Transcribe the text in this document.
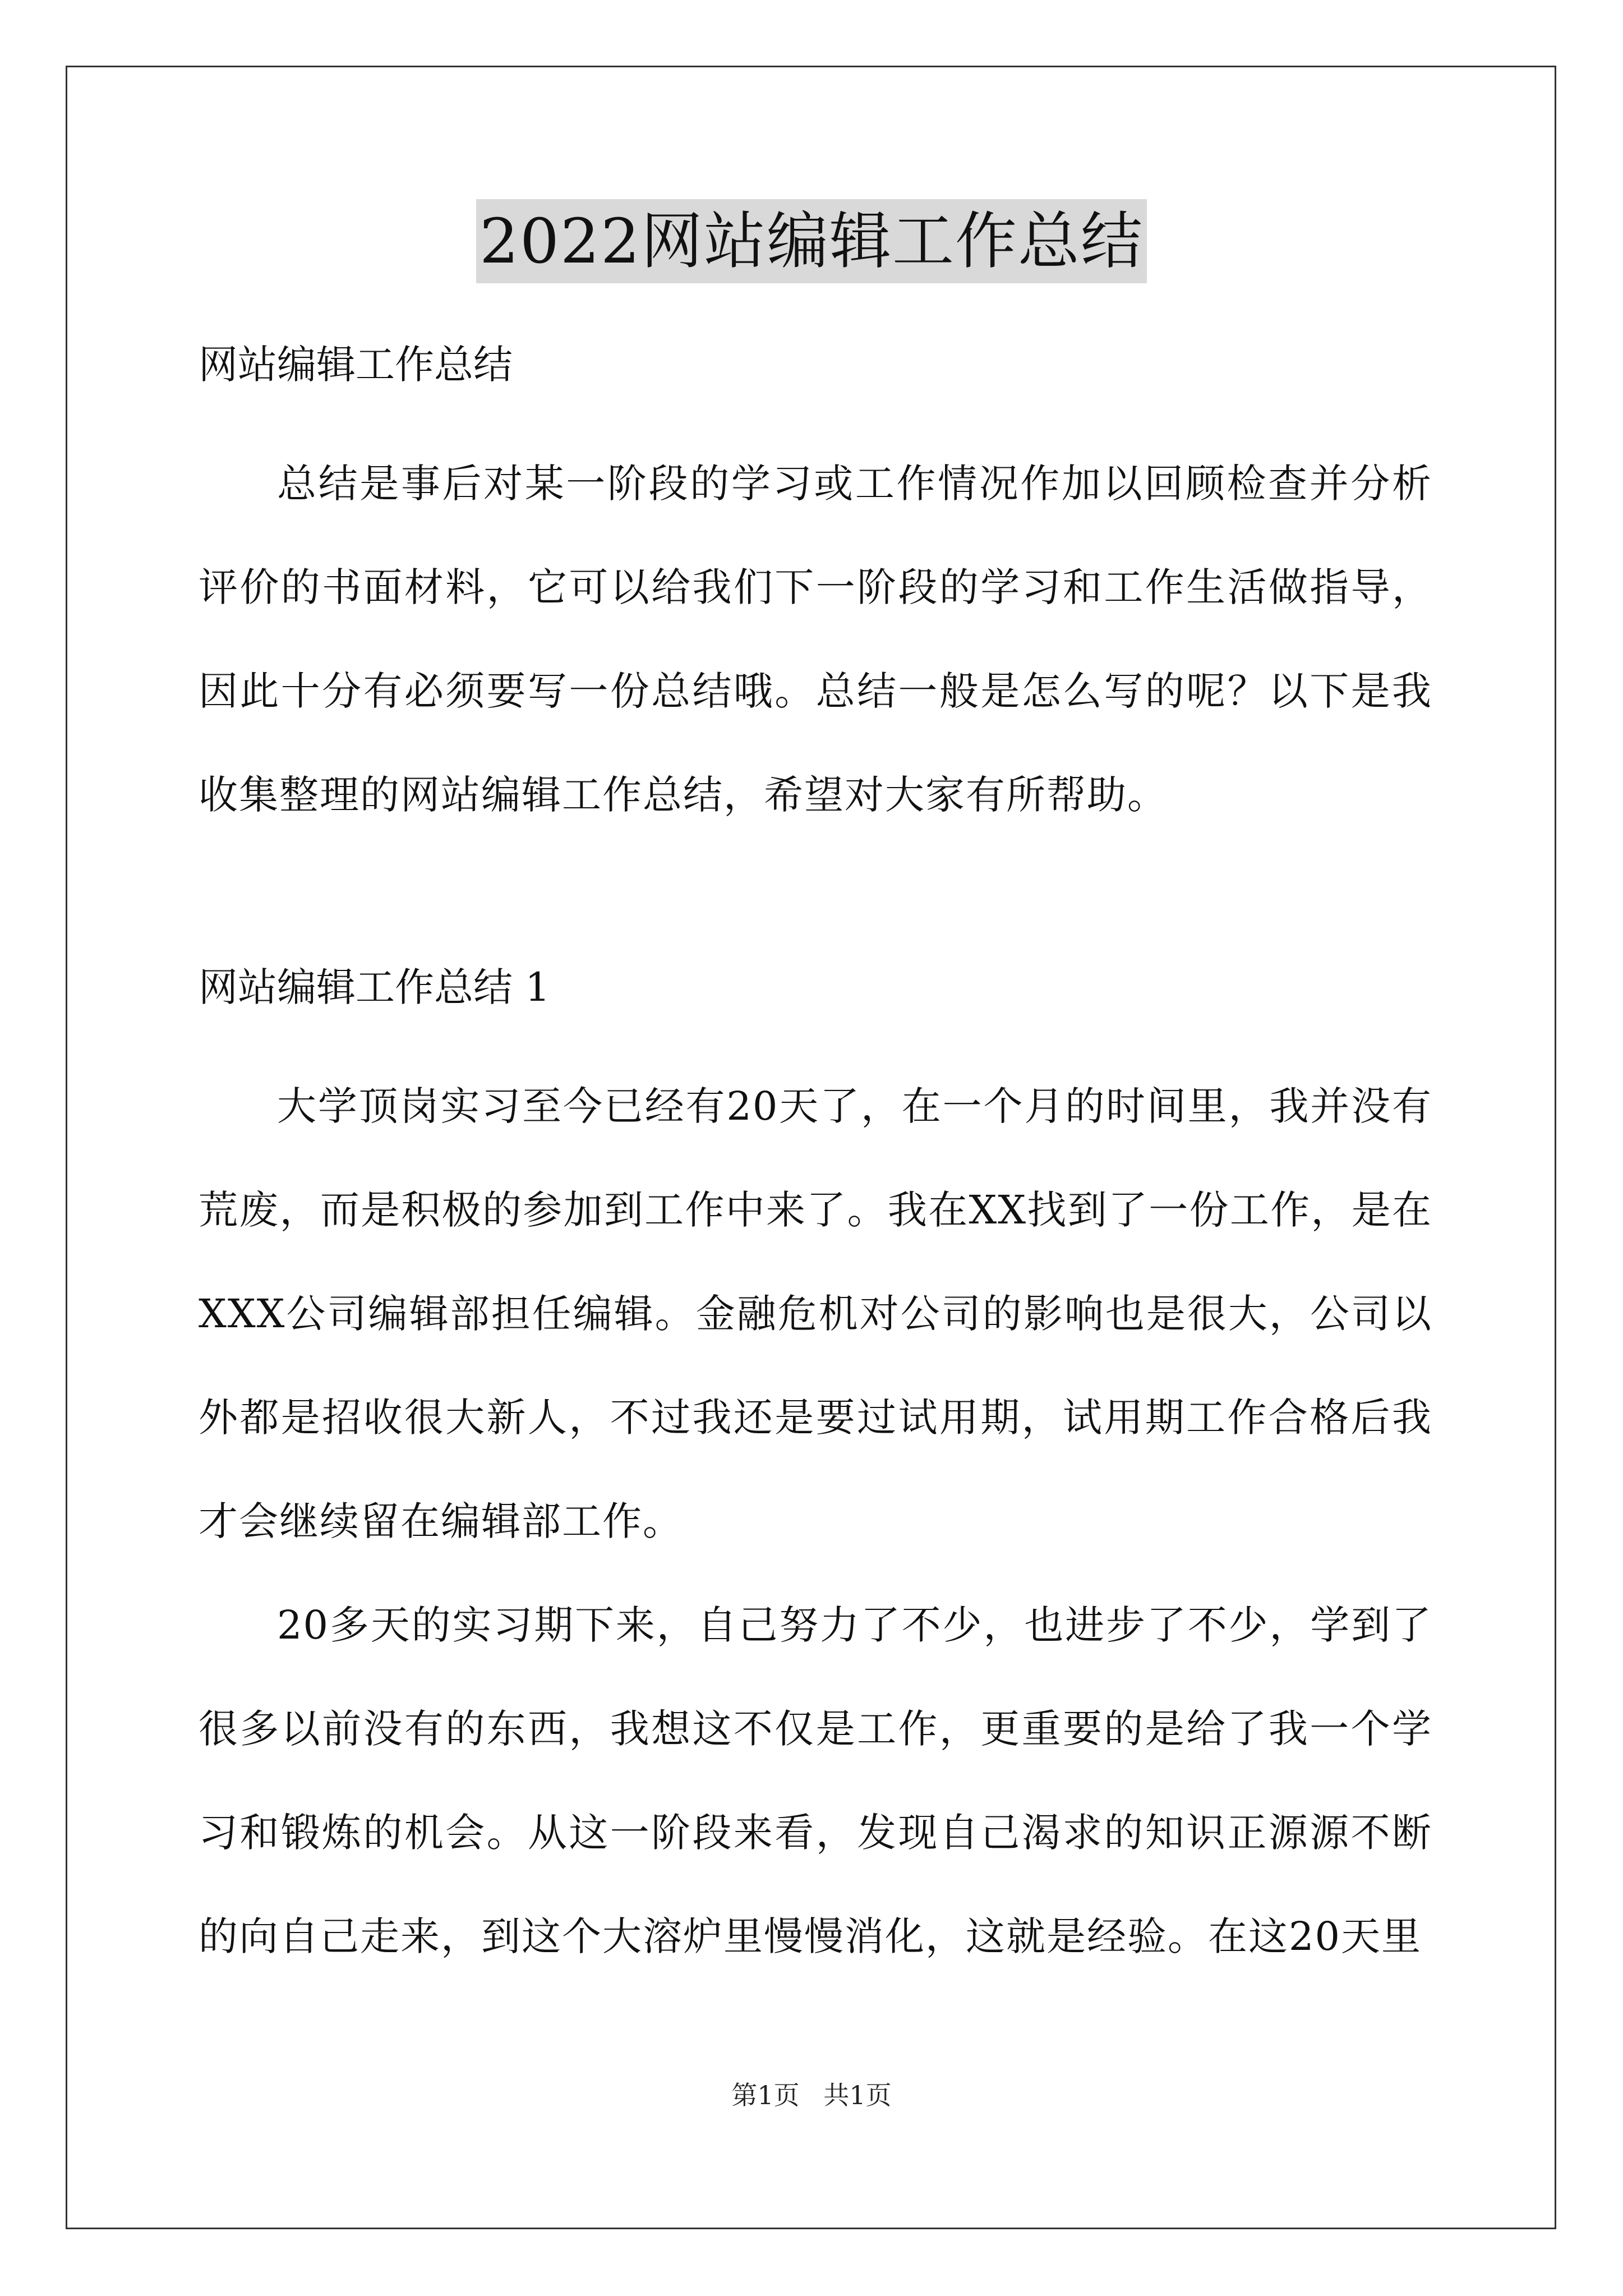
2022网站编辑工作总结
网站编辑工作总结

总结是事后对某一阶段的学习或工作情况作加以回顾检查并分析评价的书面材料，它可以给我们下一阶段的学习和工作生活做指导，因此十分有必须要写一份总结哦。总结一般是怎么写的呢？以下是我收集整理的网站编辑工作总结，希望对大家有所帮助。

网站编辑工作总结 1

大学顶岗实习至今已经有20天了，在一个月的时间里，我并没有荒废，而是积极的参加到工作中来了。我在XX找到了一份工作，是在XXX公司编辑部担任编辑。金融危机对公司的影响也是很大，公司以外都是招收很大新人，不过我还是要过试用期，试用期工作合格后我才会继续留在编辑部工作。

20多天的实习期下来，自己努力了不少，也进步了不少，学到了很多以前没有的东西，我想这不仅是工作，更重要的是给了我一个学习和锻炼的机会。从这一阶段来看，发现自己渴求的知识正源源不断的向自己走来，到这个大溶炉里慢慢消化，这就是经验。在这20天里

第1页 共1页
